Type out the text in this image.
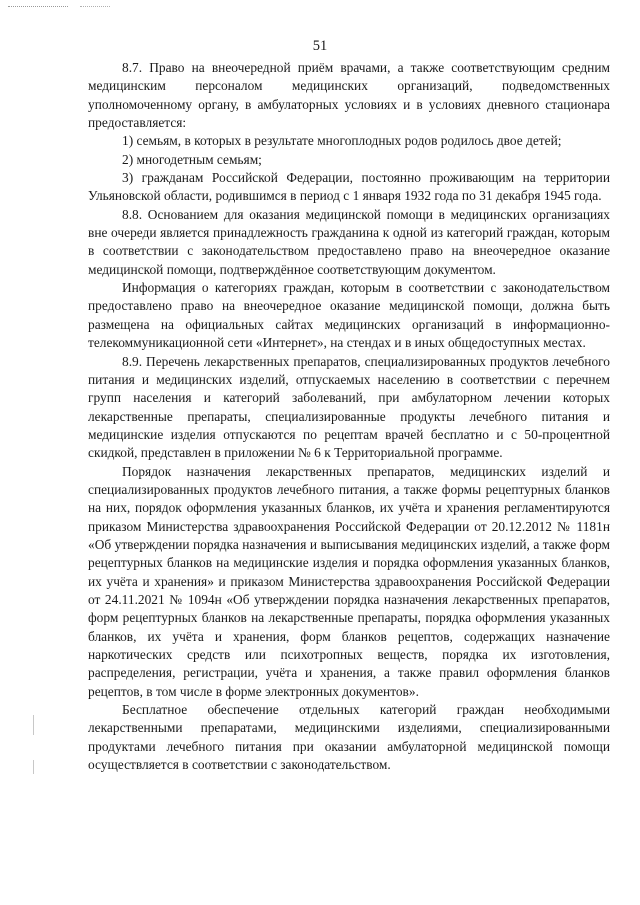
51

8.7. Право на внеочередной приём врачами, а также соответствующим средним медицинским персоналом медицинских организаций, подведомственных уполномоченному органу, в амбулаторных условиях и в условиях дневного стационара предоставляется:

1) семьям, в которых в результате многоплодных родов родилось двое детей;

2) многодетным семьям;

3) гражданам Российской Федерации, постоянно проживающим на территории Ульяновской области, родившимся в период с 1 января 1932 года по 31 декабря 1945 года.

8.8. Основанием для оказания медицинской помощи в медицинских организациях вне очереди является принадлежность гражданина к одной из категорий граждан, которым в соответствии с законодательством предоставлено право на внеочередное оказание медицинской помощи, подтверждённое соответствующим документом.

Информация о категориях граждан, которым в соответствии с законодательством предоставлено право на внеочередное оказание медицинской помощи, должна быть размещена на официальных сайтах медицинских организаций в информационно-телекоммуникационной сети «Интернет», на стендах и в иных общедоступных местах.

8.9. Перечень лекарственных препаратов, специализированных продуктов лечебного питания и медицинских изделий, отпускаемых населению в соответствии с перечнем групп населения и категорий заболеваний, при амбулаторном лечении которых лекарственные препараты, специализированные продукты лечебного питания и медицинские изделия отпускаются по рецептам врачей бесплатно и с 50-процентной скидкой, представлен в приложении № 6 к Территориальной программе.

Порядок назначения лекарственных препаратов, медицинских изделий и специализированных продуктов лечебного питания, а также формы рецептурных бланков на них, порядок оформления указанных бланков, их учёта и хранения регламентируются приказом Министерства здравоохранения Российской Федерации от 20.12.2012 № 1181н «Об утверждении порядка назначения и выписывания медицинских изделий, а также форм рецептурных бланков на медицинские изделия и порядка оформления указанных бланков, их учёта и хранения» и приказом Министерства здравоохранения Российской Федерации от 24.11.2021 № 1094н «Об утверждении порядка назначения лекарственных препаратов, форм рецептурных бланков на лекарственные препараты, порядка оформления указанных бланков, их учёта и хранения, форм бланков рецептов, содержащих назначение наркотических средств или психотропных веществ, порядка их изготовления, распределения, регистрации, учёта и хранения, а также правил оформления бланков рецептов, в том числе в форме электронных документов».

Бесплатное обеспечение отдельных категорий граждан необходимыми лекарственными препаратами, медицинскими изделиями, специализированными продуктами лечебного питания при оказании амбулаторной медицинской помощи осуществляется в соответствии с законодательством.
